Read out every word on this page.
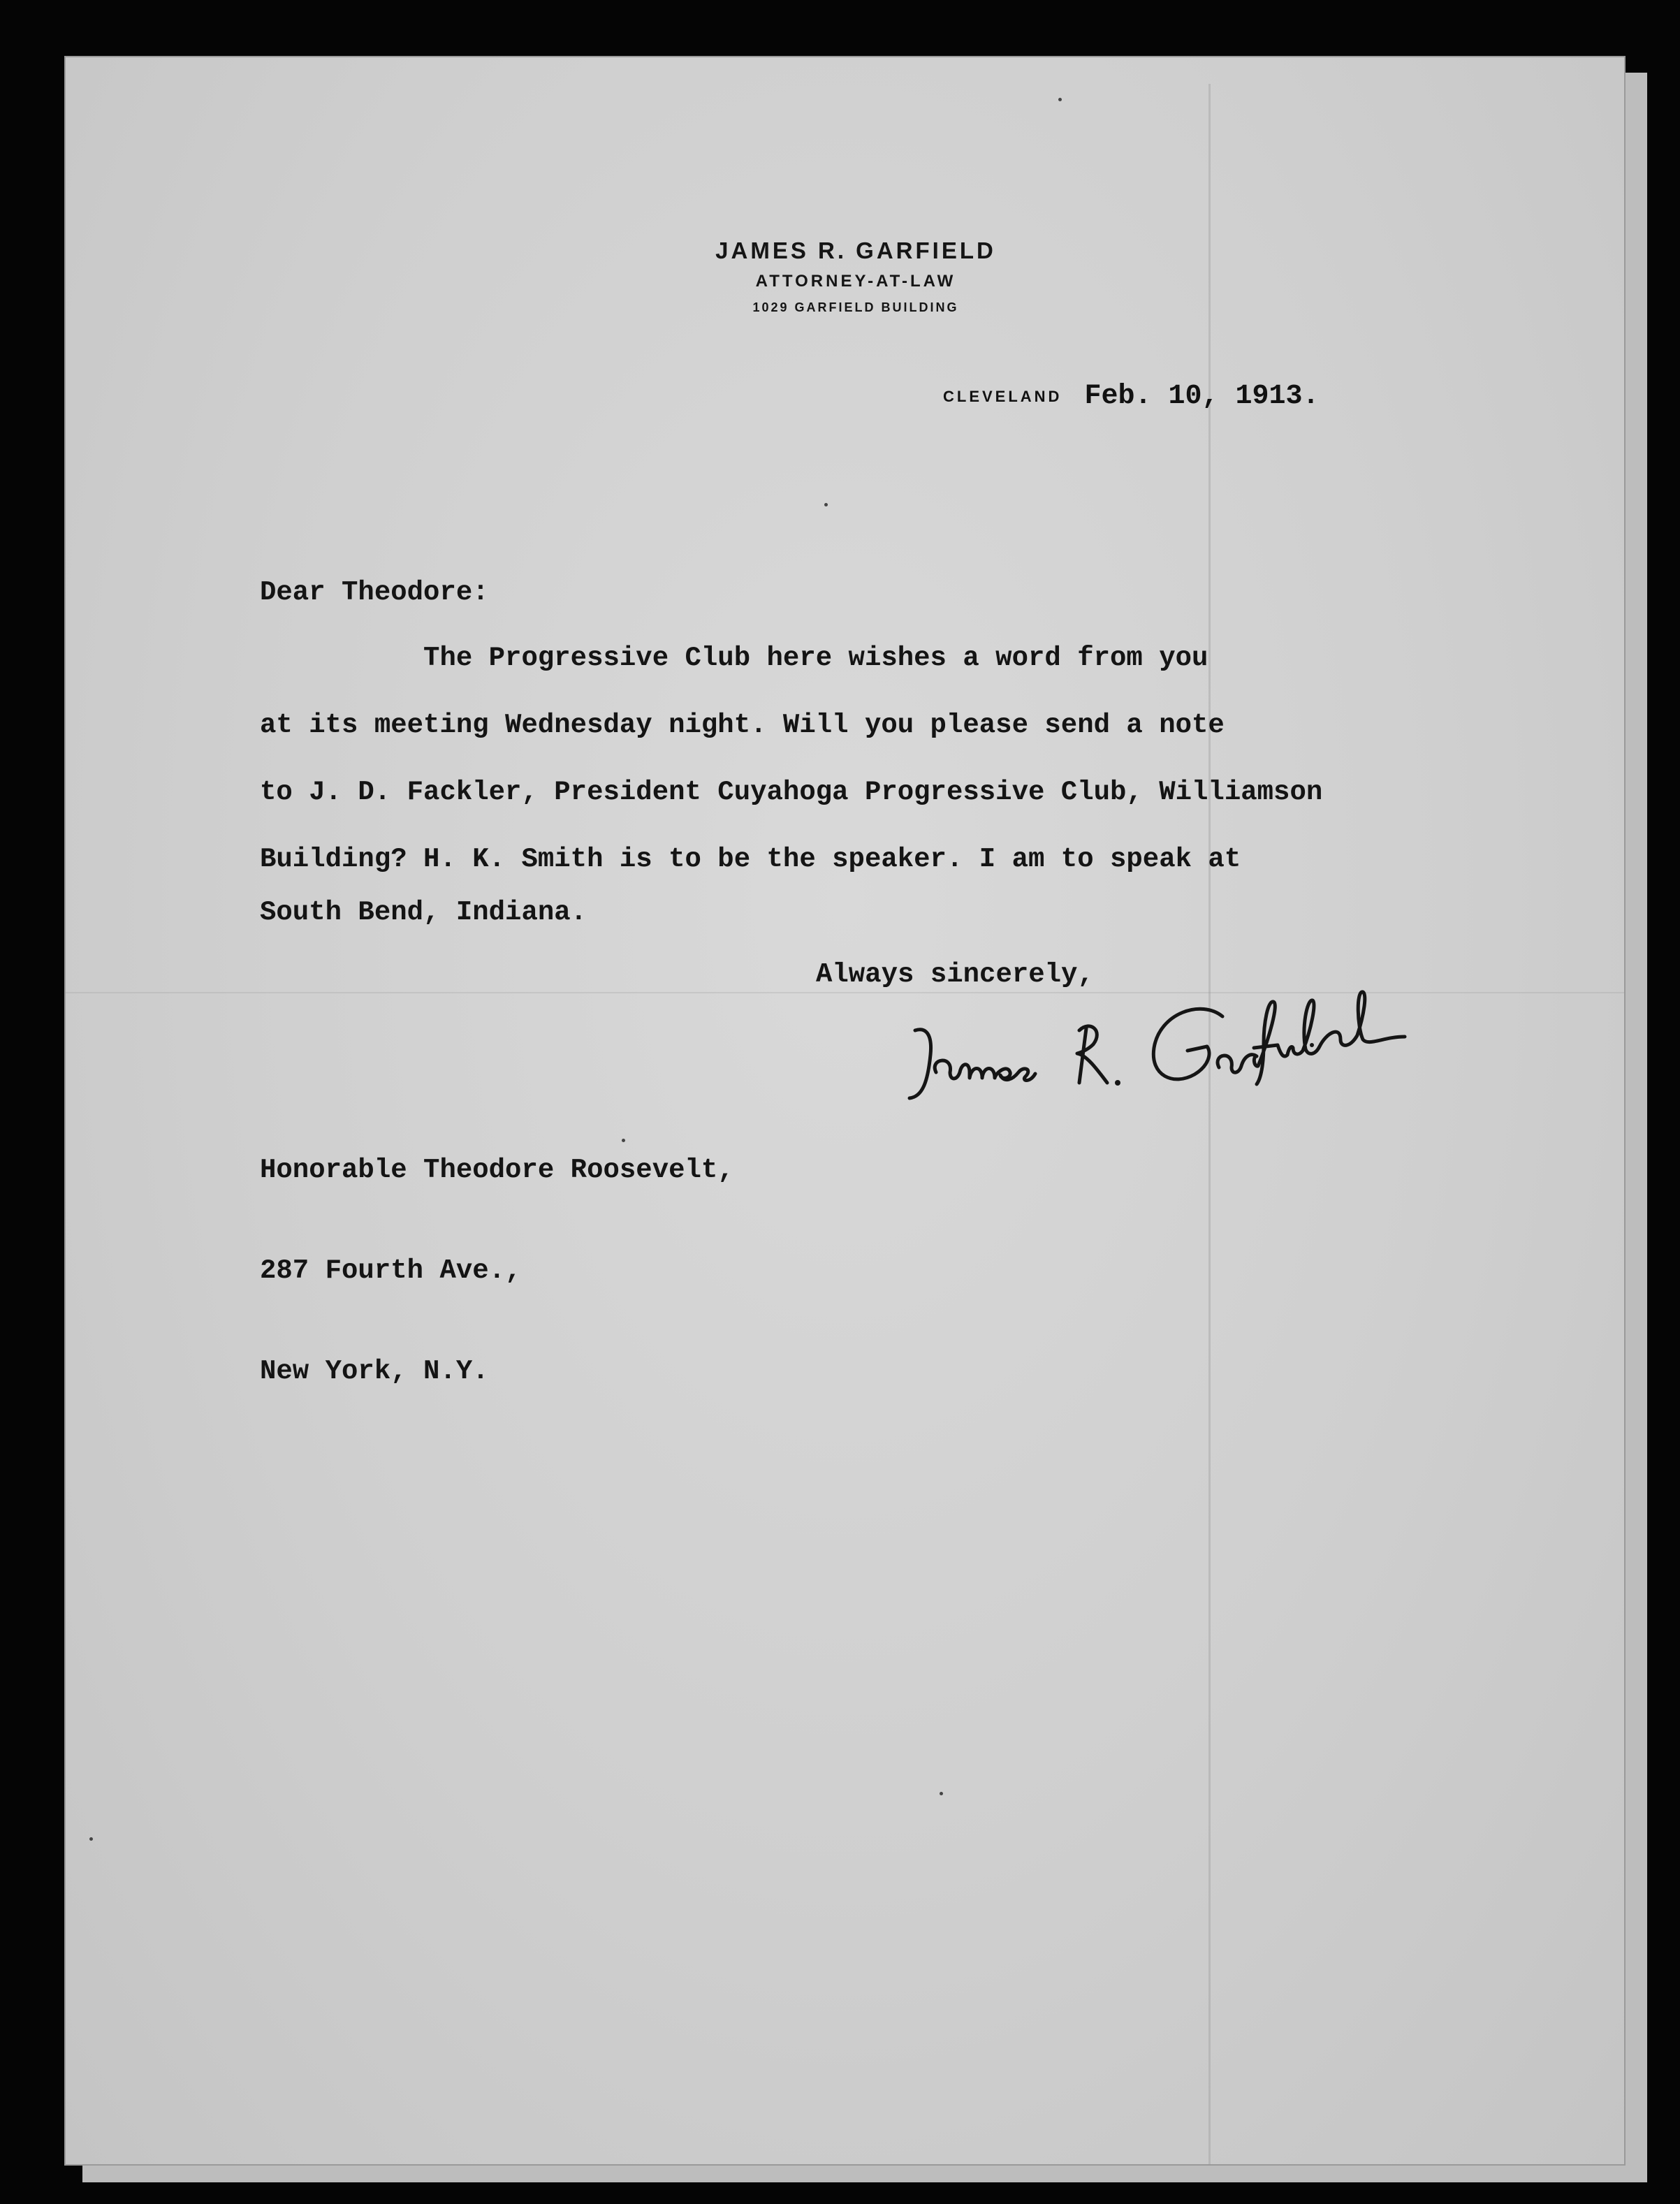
JAMES R. GARFIELD
ATTORNEY-AT-LAW
1029 GARFIELD BUILDING
CLEVELAND Feb. 10, 1913.
Dear Theodore:
The Progressive Club here wishes a word from you
at its meeting Wednesday night. Will you please send a note
to J. D. Fackler, President Cuyahoga Progressive Club, Williamson
Building? H. K. Smith is to be the speaker. I am to speak at
South Bend, Indiana.
Always sincerely,

Honorable Theodore Roosevelt,

287 Fourth Ave.,

New York, N.Y.
